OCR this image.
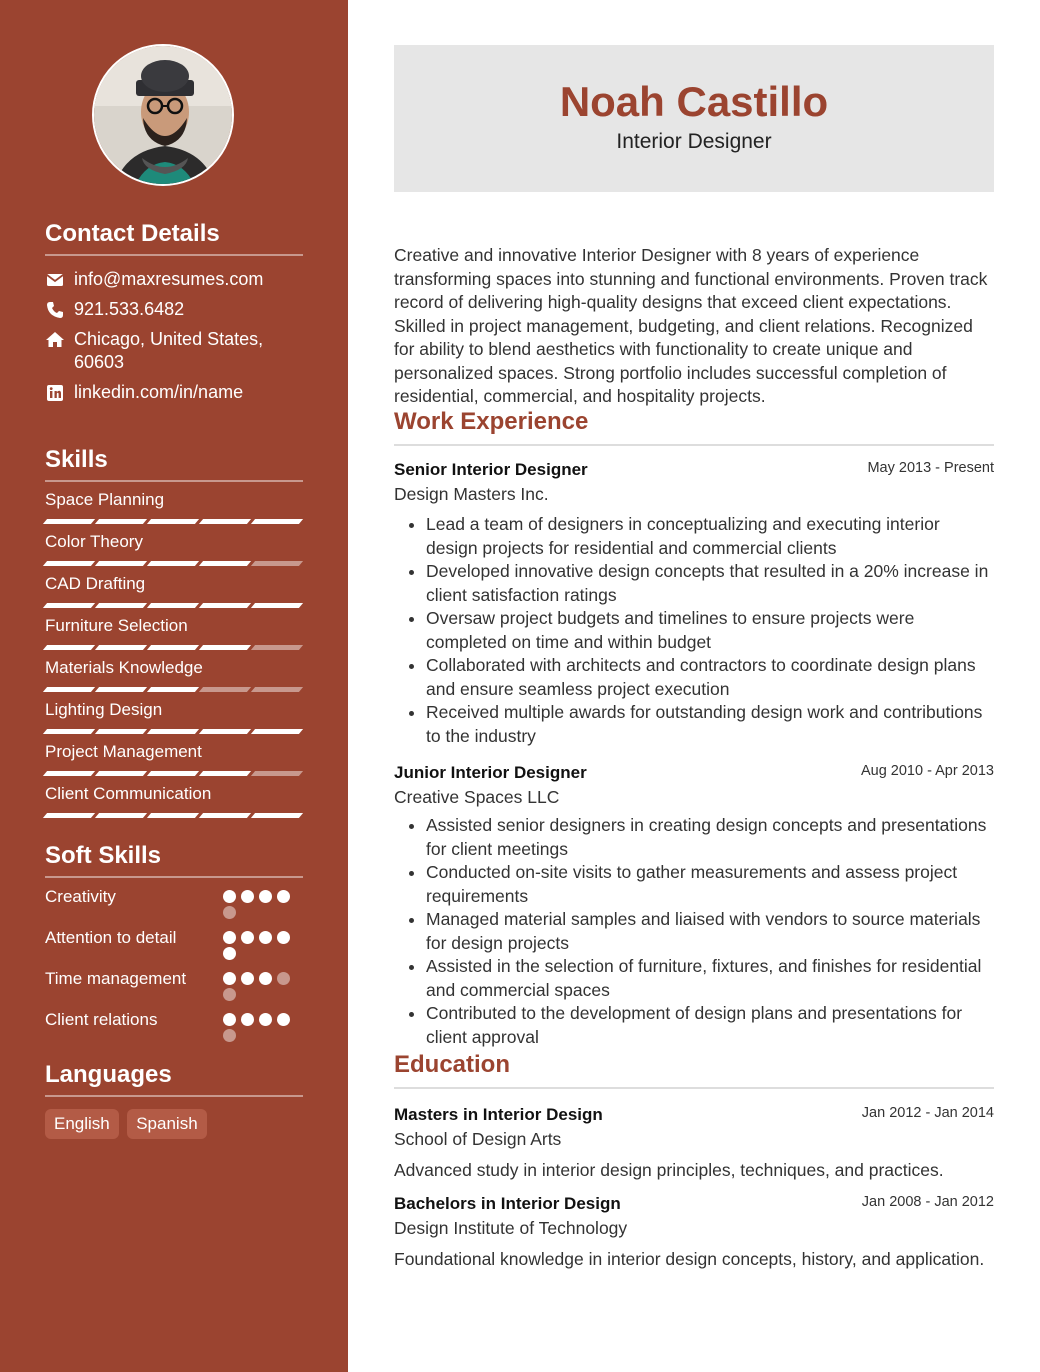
Contact Details
info@maxresumes.com
921.533.6482
Chicago, United States, 60603
linkedin.com/in/name
Skills
Space Planning
Color Theory
CAD Drafting
Furniture Selection
Materials Knowledge
Lighting Design
Project Management
Client Communication
Soft Skills
Creativity
Attention to detail
Time management
Client relations
Languages
English Spanish
Noah Castillo
Interior Designer
Creative and innovative Interior Designer with 8 years of experience transforming spaces into stunning and functional environments. Proven track record of delivering high-quality designs that exceed client expectations. Skilled in project management, budgeting, and client relations. Recognized for ability to blend aesthetics with functionality to create unique and personalized spaces. Strong portfolio includes successful completion of residential, commercial, and hospitality projects.
Work Experience
Senior Interior Designer	May 2013 - Present
Design Masters Inc.
• Lead a team of designers in conceptualizing and executing interior design projects for residential and commercial clients
• Developed innovative design concepts that resulted in a 20% increase in client satisfaction ratings
• Oversaw project budgets and timelines to ensure projects were completed on time and within budget
• Collaborated with architects and contractors to coordinate design plans and ensure seamless project execution
• Received multiple awards for outstanding design work and contributions to the industry
Junior Interior Designer	Aug 2010 - Apr 2013
Creative Spaces LLC
• Assisted senior designers in creating design concepts and presentations for client meetings
• Conducted on-site visits to gather measurements and assess project requirements
• Managed material samples and liaised with vendors to source materials for design projects
• Assisted in the selection of furniture, fixtures, and finishes for residential and commercial spaces
• Contributed to the development of design plans and presentations for client approval
Education
Masters in Interior Design	Jan 2012 - Jan 2014
School of Design Arts
Advanced study in interior design principles, techniques, and practices.
Bachelors in Interior Design	Jan 2008 - Jan 2012
Design Institute of Technology
Foundational knowledge in interior design concepts, history, and application.
